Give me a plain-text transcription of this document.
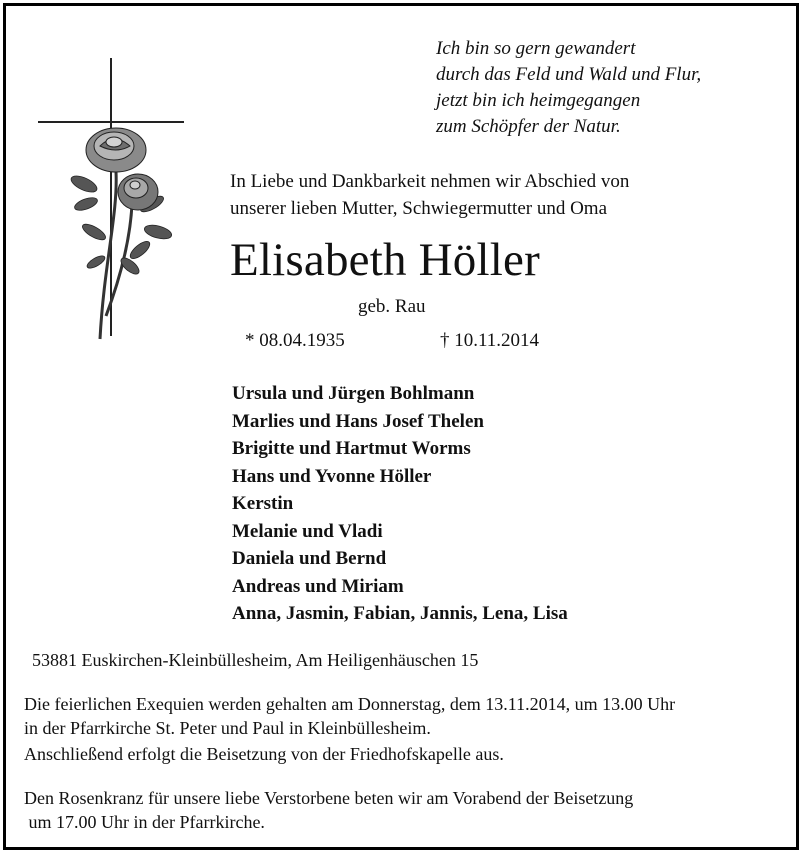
Ich bin so gern gewandert
durch das Feld und Wald und Flur,
jetzt bin ich heimgegangen
zum Schöpfer der Natur.
In Liebe und Dankbarkeit nehmen wir Abschied von
unserer lieben Mutter, Schwiegermutter und Oma
Elisabeth Höller
geb. Rau
* 08.04.1935	† 10.11.2014
Ursula und Jürgen Bohlmann
Marlies und Hans Josef Thelen
Brigitte und Hartmut Worms
Hans und Yvonne Höller
Kerstin
Melanie und Vladi
Daniela und Bernd
Andreas und Miriam
Anna, Jasmin, Fabian, Jannis, Lena, Lisa
53881 Euskirchen-Kleinbüllesheim, Am Heiligenhäuschen 15
Die feierlichen Exequien werden gehalten am Donnerstag, dem 13.11.2014, um 13.00 Uhr
in der Pfarrkirche St. Peter und Paul in Kleinbüllesheim.
Anschließend erfolgt die Beisetzung von der Friedhofskapelle aus.
Den Rosenkranz für unsere liebe Verstorbene beten wir am Vorabend der Beisetzung
um 17.00 Uhr in der Pfarrkirche.
